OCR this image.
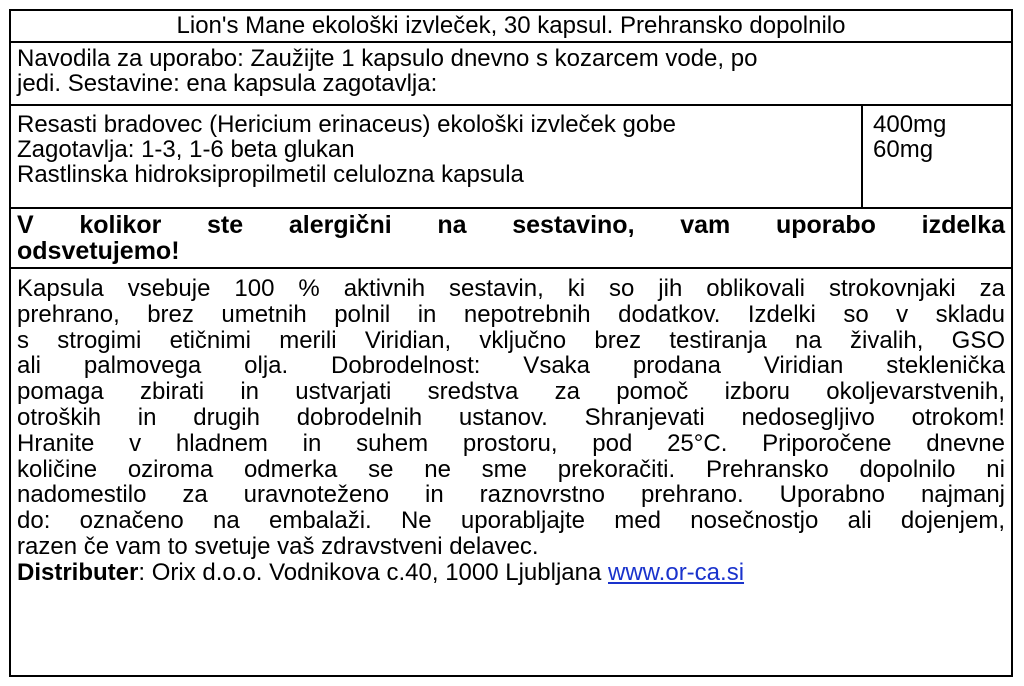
Lion's Mane ekološki izvleček, 30 kapsul. Prehransko dopolnilo
Navodila za uporabo: Zaužijte 1 kapsulo dnevno s kozarcem vode, po
jedi. Sestavine: ena kapsula zagotavlja:
Resasti bradovec (Hericium erinaceus) ekološki izvleček gobe
Zagotavlja: 1-3, 1-6 beta glukan
Rastlinska hidroksipropilmetil celulozna kapsula
400mg
60mg
V kolikor ste alergični na sestavino, vam uporabo izdelka
odsvetujemo!
Kapsula vsebuje 100 % aktivnih sestavin, ki so jih oblikovali strokovnjaki za
prehrano, brez umetnih polnil in nepotrebnih dodatkov. Izdelki so v skladu
s strogimi etičnimi merili Viridian, vključno brez testiranja na živalih, GSO
ali palmovega olja. Dobrodelnost: Vsaka prodana Viridian steklenička
pomaga zbirati in ustvarjati sredstva za pomoč izboru okoljevarstvenih,
otroških in drugih dobrodelnih ustanov. Shranjevati nedosegljivo otrokom!
Hranite v hladnem in suhem prostoru, pod 25°C. Priporočene dnevne
količine oziroma odmerka se ne sme prekoračiti. Prehransko dopolnilo ni
nadomestilo za uravnoteženo in raznovrstno prehrano. Uporabno najmanj
do: označeno na embalaži. Ne uporabljajte med nosečnostjo ali dojenjem,
razen če vam to svetuje vaš zdravstveni delavec.
Distributer: Orix d.o.o. Vodnikova c.40, 1000 Ljubljana www.or-ca.si
